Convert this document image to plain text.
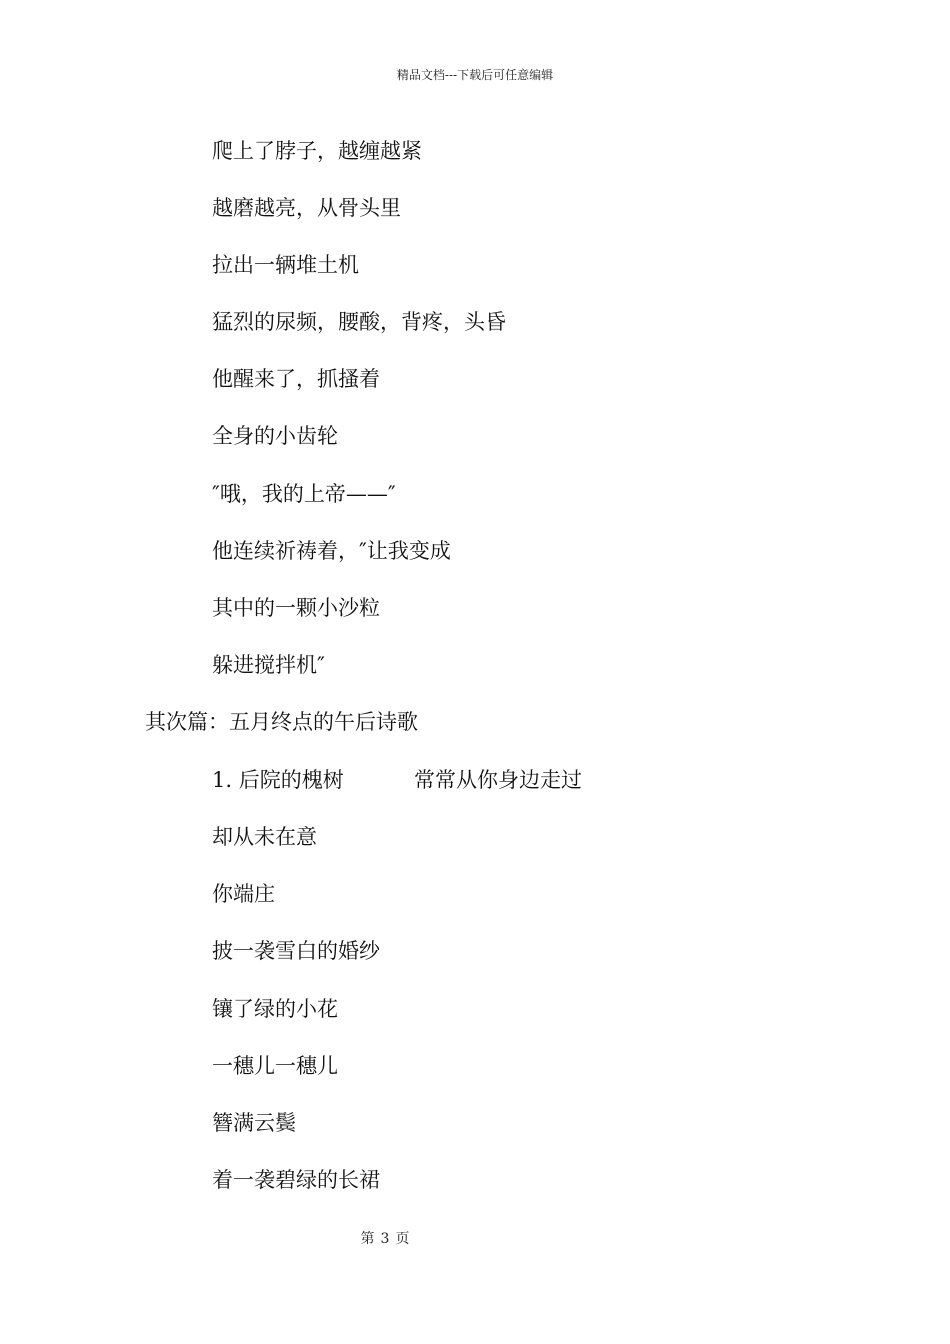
精品文档---下载后可任意编辑
爬上了脖子，越缠越紧
越磨越亮，从骨头里
拉出一辆堆土机
猛烈的尿频，腰酸，背疼，头昏
他醒来了，抓搔着
全身的小齿轮
″哦，我的上帝——″
他连续祈祷着，″让我变成
其中的一颗小沙粒
躲进搅拌机″
其次篇：五月终点的午后诗歌
1. 后院的槐树	常常从你身边走过
却从未在意
你端庄
披一袭雪白的婚纱
镶了绿的小花
一穗儿一穗儿
簪满云鬓
着一袭碧绿的长裙
第 3 页
